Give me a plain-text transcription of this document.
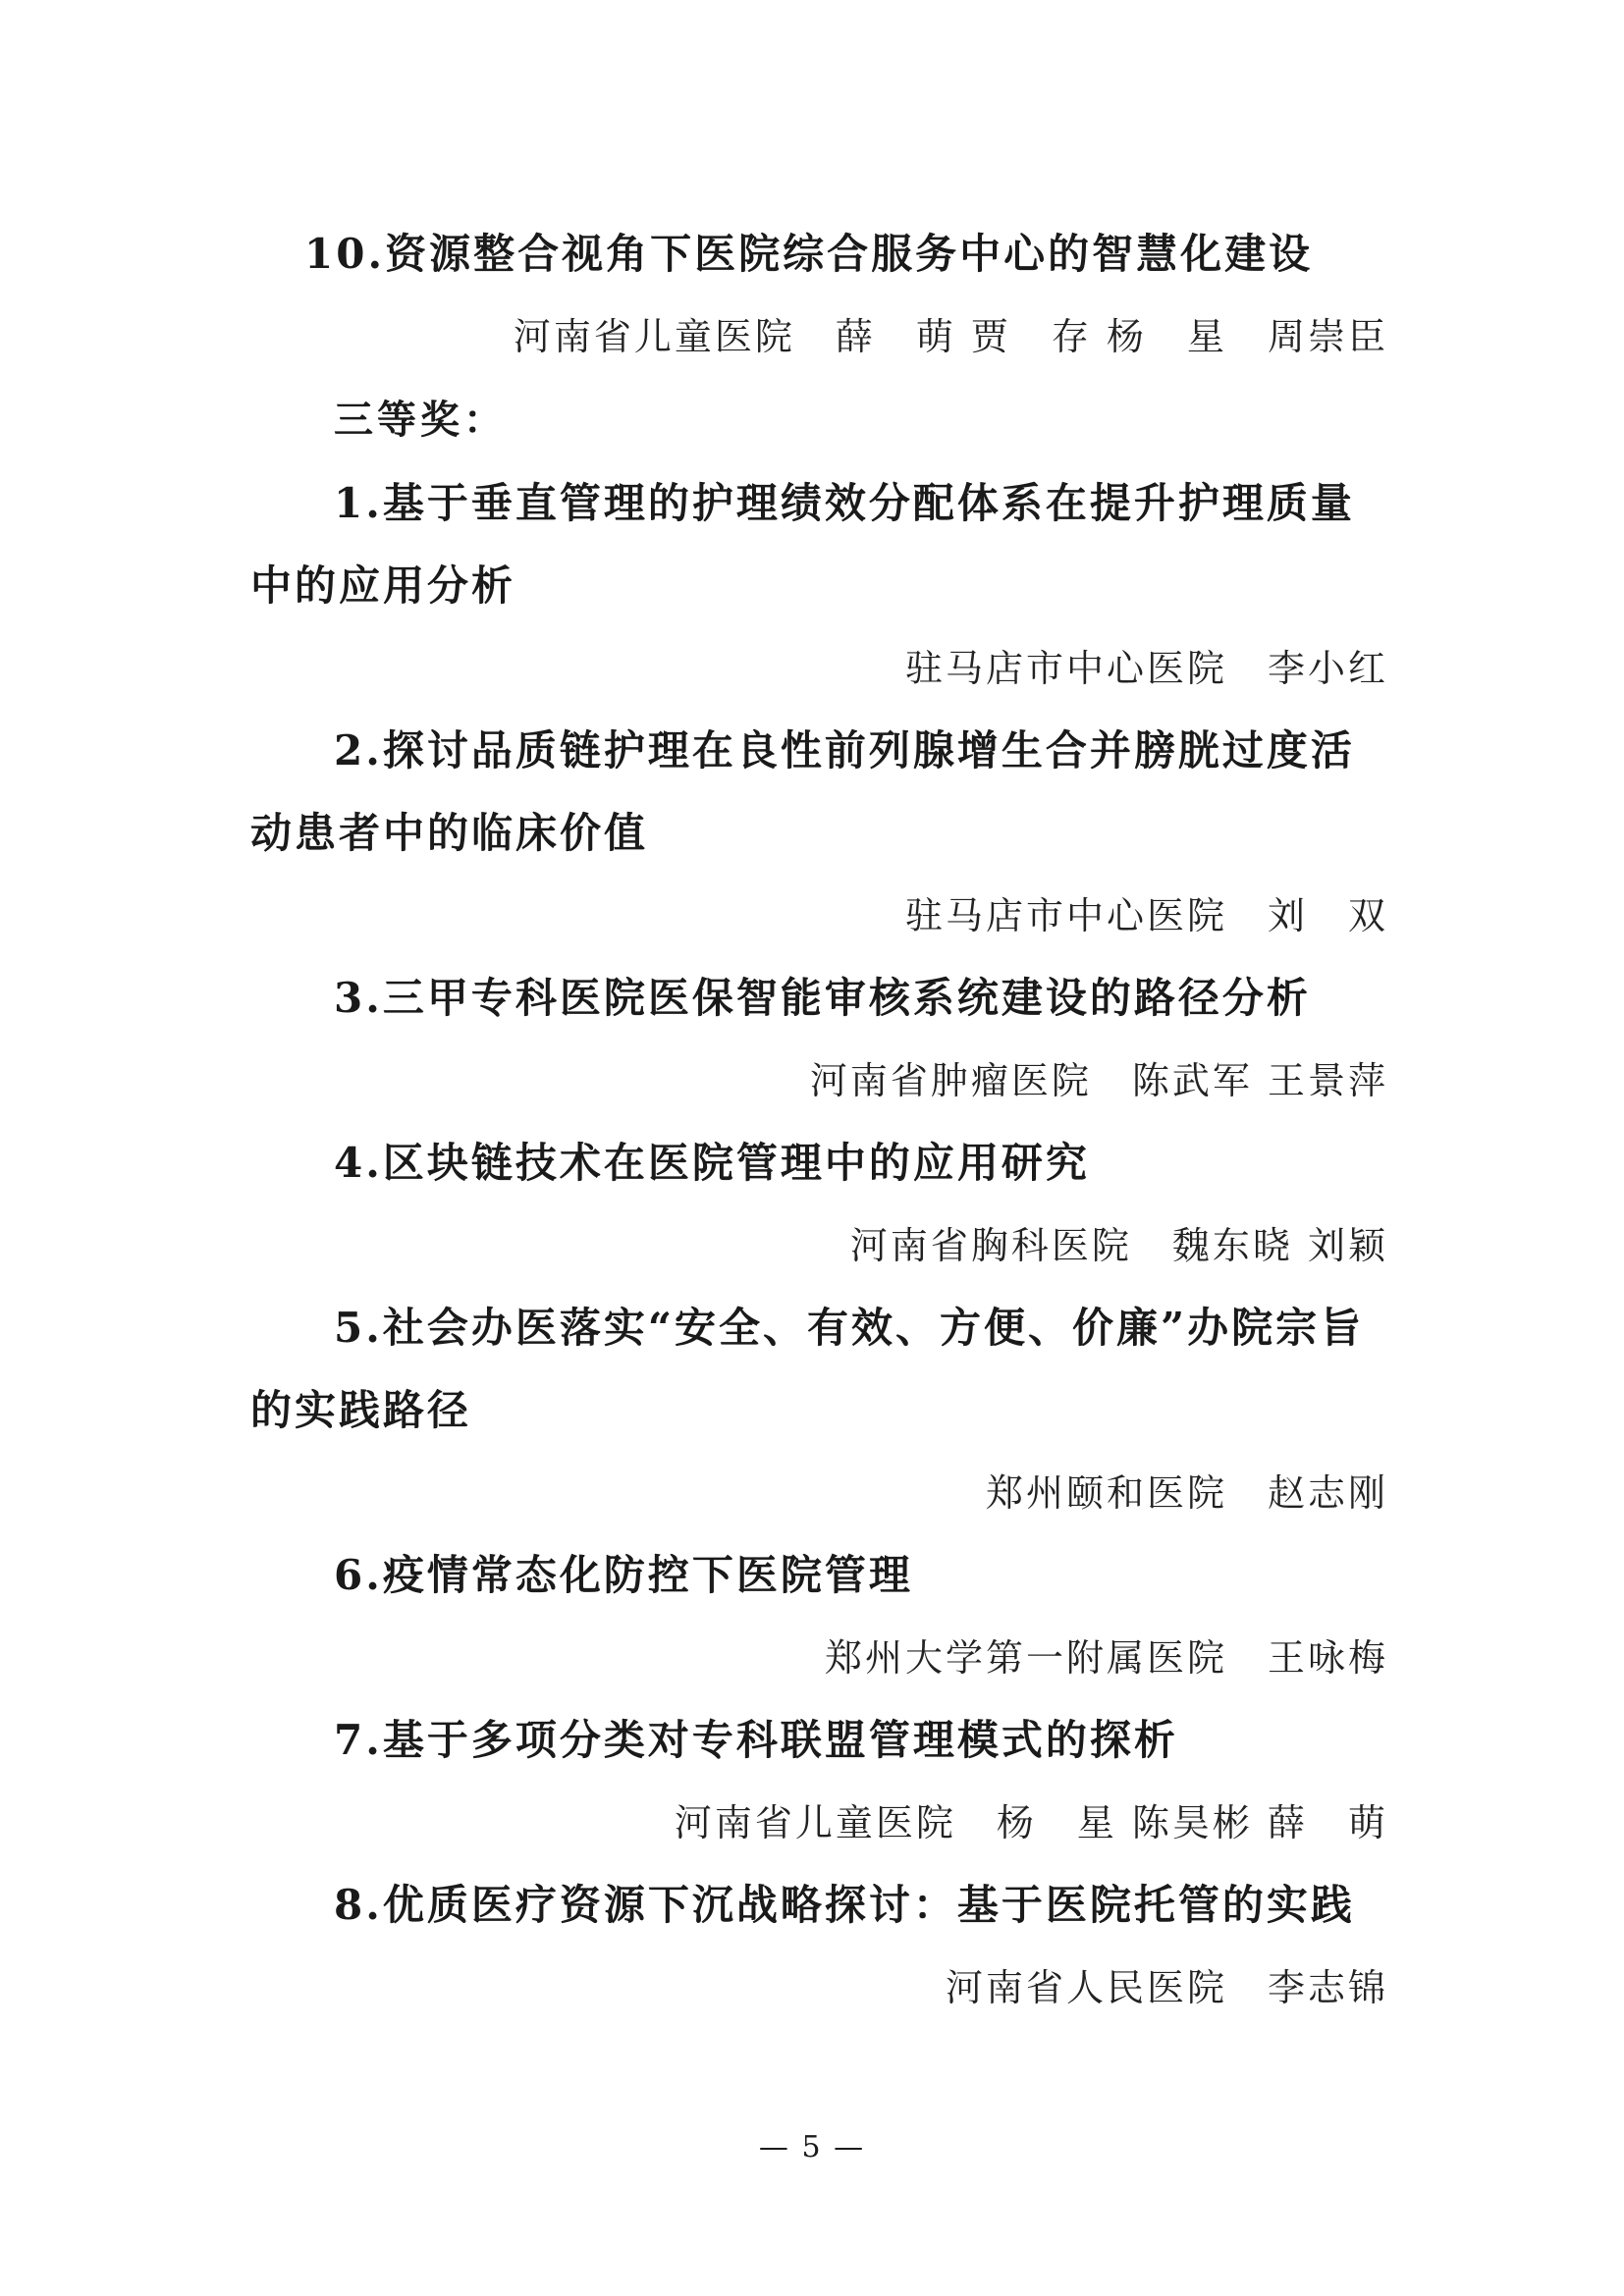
10.资源整合视角下医院综合服务中心的智慧化建设
河南省儿童医院　薛　萌 贾　存 杨　星　周崇臣
三等奖：
1.基于垂直管理的护理绩效分配体系在提升护理质量
中的应用分析
驻马店市中心医院　李小红
2.探讨品质链护理在良性前列腺增生合并膀胱过度活
动患者中的临床价值
驻马店市中心医院　刘　双
3.三甲专科医院医保智能审核系统建设的路径分析
河南省肿瘤医院　陈武军 王景萍
4.区块链技术在医院管理中的应用研究
河南省胸科医院　魏东晓 刘颖
5.社会办医落实“安全、有效、方便、价廉”办院宗旨
的实践路径
郑州颐和医院　赵志刚
6.疫情常态化防控下医院管理
郑州大学第一附属医院　王咏梅
7.基于多项分类对专科联盟管理模式的探析
河南省儿童医院　杨　星 陈昊彬 薛　萌
8.优质医疗资源下沉战略探讨：基于医院托管的实践
河南省人民医院　李志锦
— 5 —
